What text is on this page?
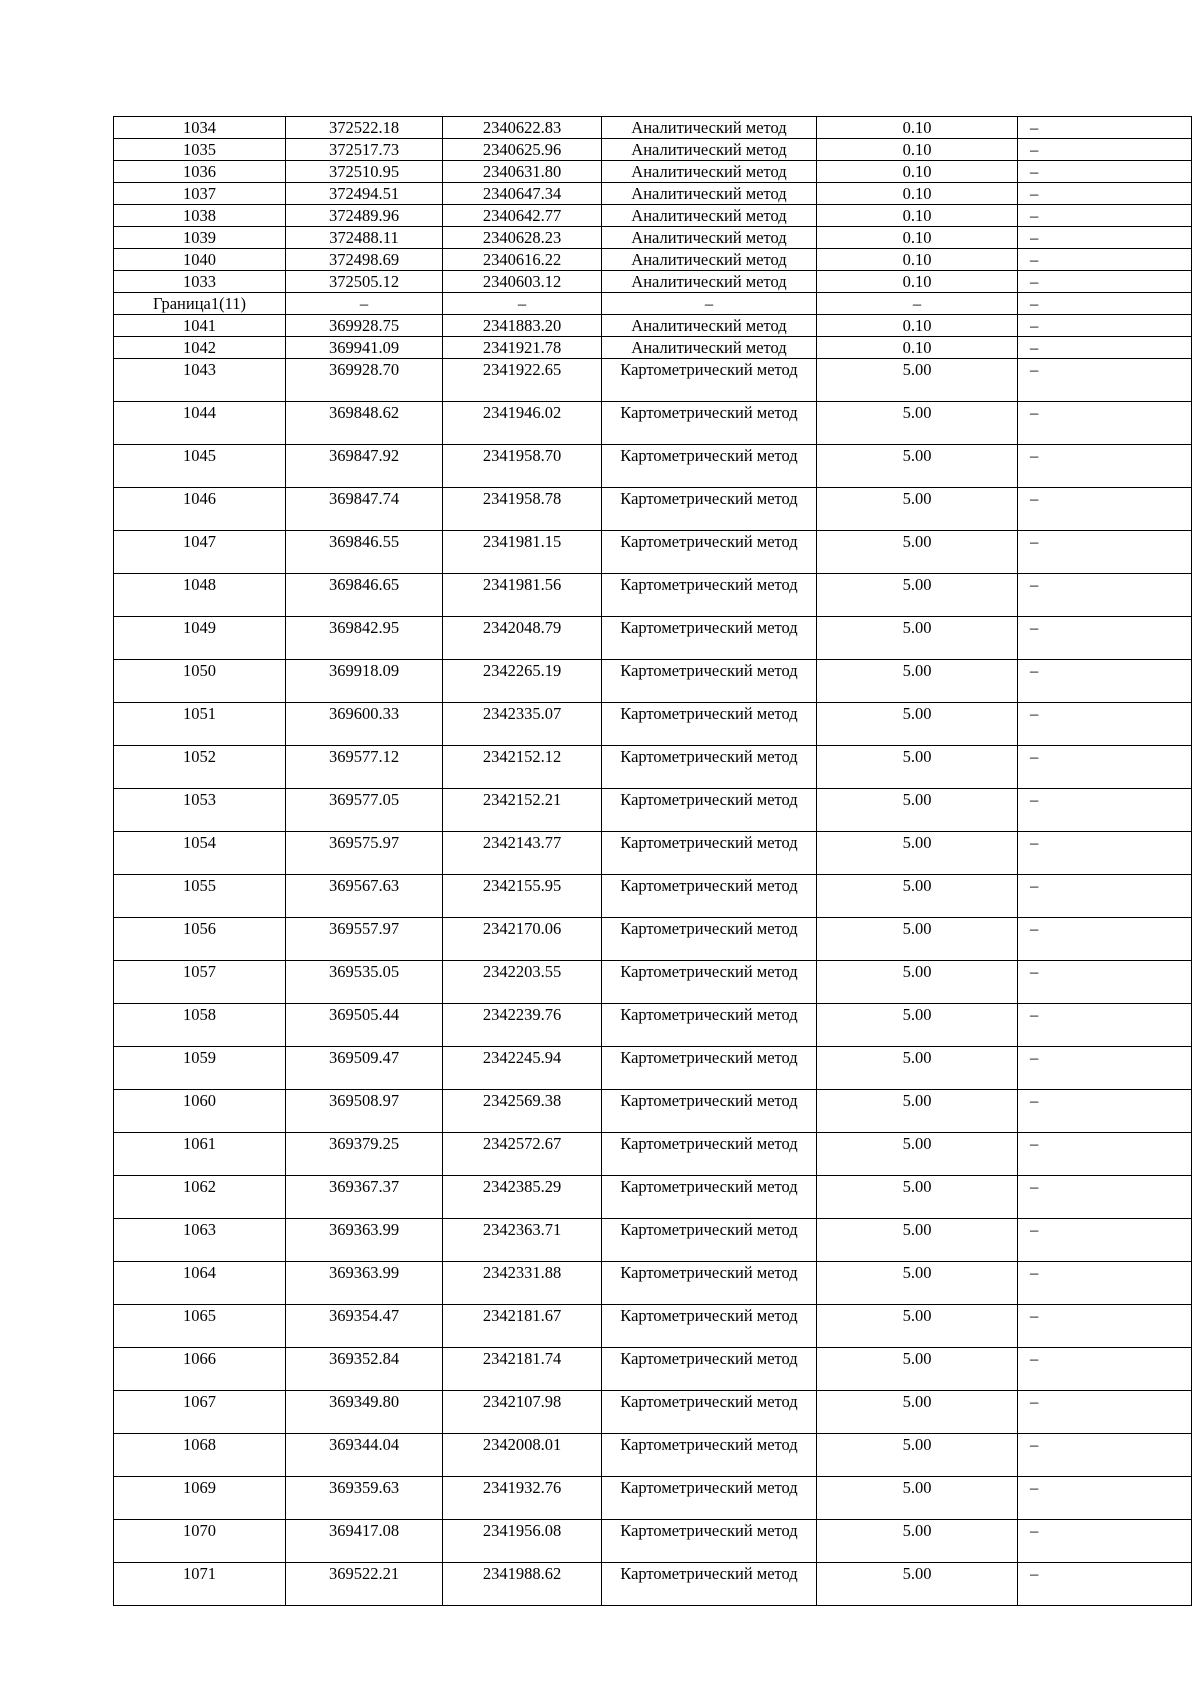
1034	372522.18	2340622.83	Аналитический метод	0.10	–
1035	372517.73	2340625.96	Аналитический метод	0.10	–
1036	372510.95	2340631.80	Аналитический метод	0.10	–
1037	372494.51	2340647.34	Аналитический метод	0.10	–
1038	372489.96	2340642.77	Аналитический метод	0.10	–
1039	372488.11	2340628.23	Аналитический метод	0.10	–
1040	372498.69	2340616.22	Аналитический метод	0.10	–
1033	372505.12	2340603.12	Аналитический метод	0.10	–
Граница1(11)	–	–	–	–	–
1041	369928.75	2341883.20	Аналитический метод	0.10	–
1042	369941.09	2341921.78	Аналитический метод	0.10	–
1043	369928.70	2341922.65	Картометрический метод	5.00	–
1044	369848.62	2341946.02	Картометрический метод	5.00	–
1045	369847.92	2341958.70	Картометрический метод	5.00	–
1046	369847.74	2341958.78	Картометрический метод	5.00	–
1047	369846.55	2341981.15	Картометрический метод	5.00	–
1048	369846.65	2341981.56	Картометрический метод	5.00	–
1049	369842.95	2342048.79	Картометрический метод	5.00	–
1050	369918.09	2342265.19	Картометрический метод	5.00	–
1051	369600.33	2342335.07	Картометрический метод	5.00	–
1052	369577.12	2342152.12	Картометрический метод	5.00	–
1053	369577.05	2342152.21	Картометрический метод	5.00	–
1054	369575.97	2342143.77	Картометрический метод	5.00	–
1055	369567.63	2342155.95	Картометрический метод	5.00	–
1056	369557.97	2342170.06	Картометрический метод	5.00	–
1057	369535.05	2342203.55	Картометрический метод	5.00	–
1058	369505.44	2342239.76	Картометрический метод	5.00	–
1059	369509.47	2342245.94	Картометрический метод	5.00	–
1060	369508.97	2342569.38	Картометрический метод	5.00	–
1061	369379.25	2342572.67	Картометрический метод	5.00	–
1062	369367.37	2342385.29	Картометрический метод	5.00	–
1063	369363.99	2342363.71	Картометрический метод	5.00	–
1064	369363.99	2342331.88	Картометрический метод	5.00	–
1065	369354.47	2342181.67	Картометрический метод	5.00	–
1066	369352.84	2342181.74	Картометрический метод	5.00	–
1067	369349.80	2342107.98	Картометрический метод	5.00	–
1068	369344.04	2342008.01	Картометрический метод	5.00	–
1069	369359.63	2341932.76	Картометрический метод	5.00	–
1070	369417.08	2341956.08	Картометрический метод	5.00	–
1071	369522.21	2341988.62	Картометрический метод	5.00	–
